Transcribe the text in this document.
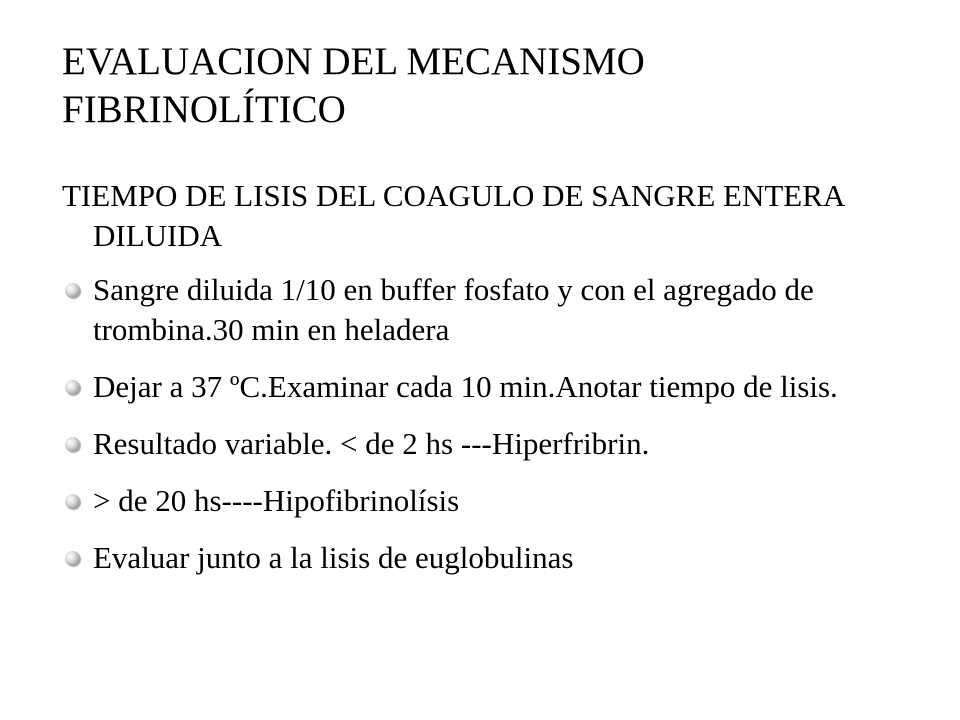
EVALUACION DEL MECANISMO
FIBRINOLÍTICO

TIEMPO DE LISIS DEL COAGULO DE SANGRE ENTERA DILUIDA

Sangre diluida 1/10 en buffer fosfato y con el agregado de trombina.30 min en heladera
Dejar a 37 ºC.Examinar cada 10 min.Anotar tiempo de lisis.
Resultado variable. < de 2 hs ---Hiperfribrin.
> de 20 hs----Hipofibrinolísis
Evaluar junto a la lisis de euglobulinas
